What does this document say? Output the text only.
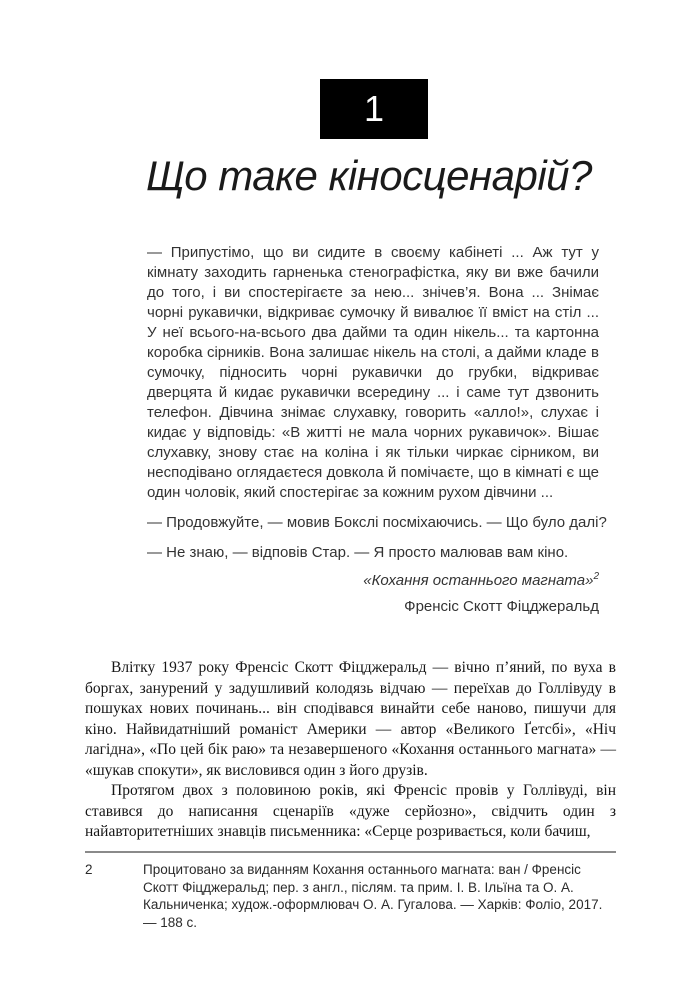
1
Що таке кіносценарій?

— Припустімо, що ви сидите в своєму кабінеті ... Аж тут у кімнату заходить гарненька стенографістка, яку ви вже бачили до того, і ви спостерігаєте за нею... знічев’я. Вона ... Знімає чорні рукавички, відкриває сумочку й вивалює її вміст на стіл ... У неї всього-на-всього два дайми та один нікель... та картонна коробка сірників. Вона залишає нікель на столі, а дайми кладе в сумочку, підносить чорні рукавички до грубки, відкриває дверцята й кидає рукавички всередину ... і саме тут дзвонить телефон. Дівчина знімає слухавку, говорить «алло!», слухає і кидає у відповідь: «В житті не мала чорних рукавичок». Вішає слухавку, знову стає на коліна і як тільки чиркає сірником, ви несподівано оглядаєтеся довкола й помічаєте, що в кімнаті є ще один чоловік, який спостерігає за кожним рухом дівчини ...

— Продовжуйте, — мовив Бокслі посміхаючись. — Що було далі?

— Не знаю, — відповів Стар. — Я просто малював вам кіно.

«Кохання останнього магната»$^2$

Френсіс Скотт Фіцджеральд

Влітку 1937 року Френсіс Скотт Фіцджеральд — вічно п’яний, по вуха в боргах, занурений у задушливий колодязь відчаю — переїхав до Голлівуду в пошуках нових починань... він сподівався винайти себе наново, пишучи для кіно. Найвидатніший романіст Америки — автор «Великого Ґетсбі», «Ніч лагідна», «По цей бік раю» та незавершеного «Кохання останнього магната» — «шукав спокути», як висловився один з його друзів.

Протягом двох з половиною років, які Френсіс провів у Голлівуді, він ставився до написання сценаріїв «дуже серйозно», свідчить один з найавторитетніших знавців письменника: «Серце розривається, коли бачиш,

2	Процитовано за виданням Кохання останнього магната: ван / Френсіс Скотт Фіцджеральд; пер. з англ., післям. та прим. І. В. Ільїна та О. А. Кальниченка; худож.-оформлювач О. А. Гугалова. — Харків: Фоліо, 2017. — 188 с.
